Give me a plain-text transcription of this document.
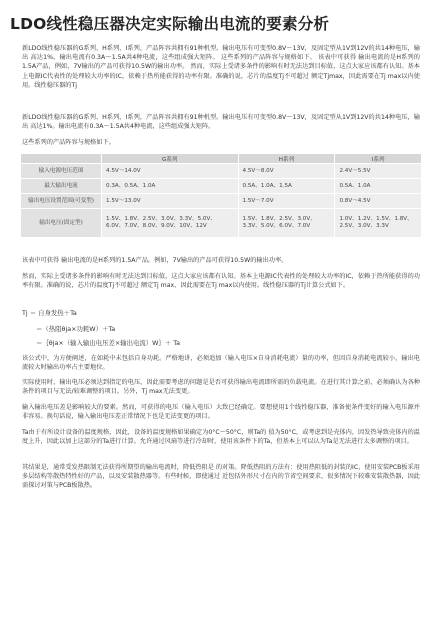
LDO线性稳压器决定实际输出电流的要素分析

新LDO线性稳压器的G系列、H系列、I系列，产品阵容共拥有91种机型。输出电压有可变型0.8V～13V，及固定型从1V到12V的共14种电压，输出 高达1%。输出电流有0.3A～1.5A共4种电流，这些组成强大矩阵。 这些系列的产品阵容与规格如下。 该表中可获得 输出电流的是H系列的1.5A产品，例如，7V输出的产品可获得10.5W的输出功率。 然而，实际上受诸多条件的影响有时无法达到目标值，这点大家应该都有认知。基本上电源IC代表性的处理较大功率的IC，依赖于热所能获得的功率有限。准确的说，芯片的温度Tj不可超过 额定Tjmax，因此需要在Tj max以内使用。线性稳压器的Tj

新LDO线性稳压器的G系列、H系列、I系列，产品阵容共拥有91种机型。输出电压有可变型0.8V～13V，及固定型从1V到12V的共14种电压，输出 高达1%。输出电流有0.3A～1.5A共4种电流，这些组成强大矩阵。

这些系列的产品阵容与规格如下。

	G系列	H系列	I系列
输入电源电压范围	4.5V～14.0V	4.5V～8.0V	2.4V～5.5V
最大输出电流	0.3A、0.5A、1.0A	0.5A、1.0A、1.5A	0.5A、1.0A
输出电压设置范围(可变型)	1.5V～13.0V	1.5V～7.0V	0.8V～4.5V
输出电压(固定型)	1.5V、1.8V、2.5V、3.0V、3.3V、5.0V、6.0V、7.0V、8.0V、9.0V、10V、12V	1.5V、1.8V、2.5V、3.0V、3.3V、5.0V、6.0V、7.0V	1.0V、1.2V、1.5V、1.8V、2.5V、3.0V、3.3V

该表中可获得 输出电流的是H系列的1.5A产品，例如，7V输出的产品可获得10.5W的输出功率。

然而，实际上受诸多条件的影响有时无法达到目标值，这点大家应该都有认知。基本上电源IC代表性的处理较大功率的IC，依赖于热所能获得的功率有限。准确的说，芯片的温度Tj不可超过 额定Tj max，因此需要在Tj max以内使用。线性稳压器的Tj计算公式如下。

Tj ＝ 自身发热＋Ta

＝（热阻θja×功耗W）＋Ta

＝｛θja×（输入输出电压差×输出电流）W｝＋ Ta

该公式中，为方便阐述，在如耗中未包括自身功耗。严格地讲，必须追加（输入电压×自身消耗电流）量的功率，但因自身消耗电流较小，输出电流较大时输出功率占主要地位。

实际使用时，输出电压必须达到指定的电压，因此需要考虑的问题是是否可获得输出电流即所需的负载电流。在进行其计算之前，必须确认为各种条件的项目与无法/较难调整的项目。另外，Tj max无法变更。

输入输出电压差是影响较大的要素。然而，可获得的电压（输入电压）大致已经确定。要想使用1个线性稳压器，准备使条件变好的输入电压源并非容易。换句话说，输入输出电压差正常情况下也是无法变更的项目。

Ta由于有所设计设备的温度规格，因此，设备的温度规格如果确定为0°C～50°C，则Ta的 值为50°C，或考虑到是壳体内，因发热导致壳体内的温度上升，因此以加上这部分的Ta进行计算。允许通过风扇等进行冷却时，使用该条件下的Ta，但基本上可以认为Ta是无法进行太多调整的项目。

其结果是，通常受发热限制无法获得所期望的输出电流时，降低热阻是 的对策。降低热阻的方法有：使用热阻低的封装的IC，使用安装PCB板采用多层结构等散热特性好的产品，以及安装散热器等。有些时候，即使通过 近包括外形尺寸在内的节省空间要求，很多情况下较难安装散热器，因此需探讨对策与PCB板散热。
